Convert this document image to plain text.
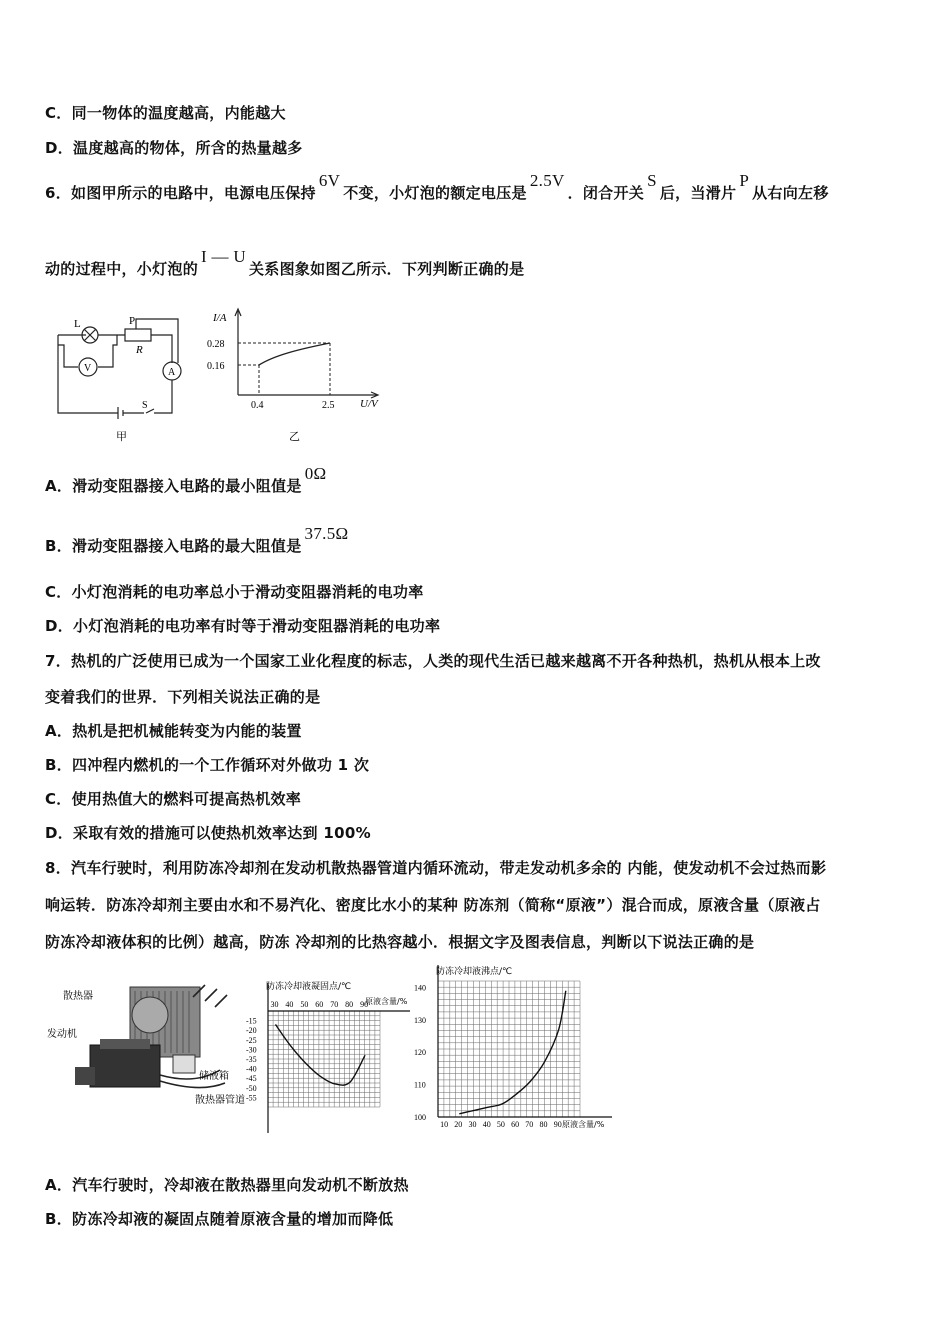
C．同一物体的温度越高，内能越大
D．温度越高的物体，所含的热量越多
6．如图甲所示的电路中，电源电压保持6V不变，小灯泡的额定电压是2.5V．闭合开关S后，当滑片P从右向左移
动的过程中，小灯泡的I — U关系图象如图乙所示．下列判断正确的是
L	P
R
V	A
S
甲
I/A
0.28
0.16
0.4	2.5 U/V
乙
A．滑动变阻器接入电路的最小阻值是0Ω
B．滑动变阻器接入电路的最大阻值是37.5Ω
C．小灯泡消耗的电功率总小于滑动变阻器消耗的电功率
D．小灯泡消耗的电功率有时等于滑动变阻器消耗的电功率
7．热机的广泛使用已成为一个国家工业化程度的标志，人类的现代生活已越来越离不开各种热机，热机从根本上改
变着我们的世界．下列相关说法正确的是
A．热机是把机械能转变为内能的装置
B．四冲程内燃机的一个工作循环对外做功 1 次
C．使用热值大的燃料可提高热机效率
D．采取有效的措施可以使热机效率达到 100%
8．汽车行驶时，利用防冻冷却剂在发动机散热器管道内循环流动，带走发动机多余的 内能，使发动机不会过热而影
响运转．防冻冷却剂主要由水和不易汽化、密度比水小的某种 防冻剂（简称“原液”）混合而成，原液含量（原液占
防冻冷却液体积的比例）越高，防冻 冷却剂的比热容越小．根据文字及图表信息，判断以下说法正确的是
散热器
发动机
储液箱
散热器管道
防冻冷却液凝固点/℃
原液含量/%
30 40 50 60 70 80 90
-15
-20
-25
-30
-35
-40
-45
-50
-55
防冻冷却液沸点/℃
原液含量/%
10 20 30 40 50 60 70 80 90
100
110
120
130
140
A．汽车行驶时，冷却液在散热器里向发动机不断放热
B．防冻冷却液的凝固点随着原液含量的增加而降低
